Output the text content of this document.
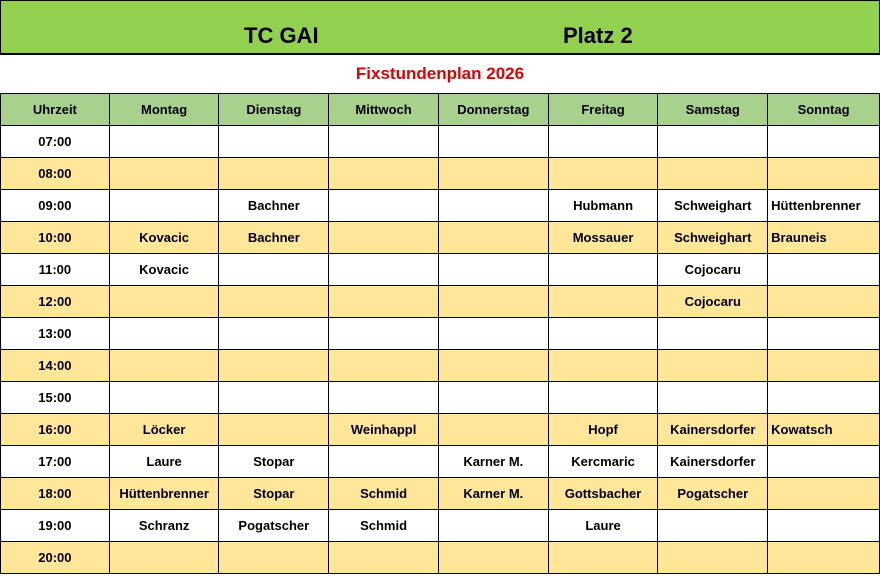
TC GAI	Platz 2
Fixstundenplan 2026
Uhrzeit	Montag	Dienstag	Mittwoch	Donnerstag	Freitag	Samstag	Sonntag
07:00							
08:00							
09:00		Bachner			Hubmann	Schweighart	Hüttenbrenner
10:00	Kovacic	Bachner			Mossauer	Schweighart	Brauneis
11:00	Kovacic					Cojocaru	
12:00						Cojocaru	
13:00							
14:00							
15:00							
16:00	Löcker		Weinhappl		Hopf	Kainersdorfer	Kowatsch
17:00	Laure	Stopar		Karner M.	Kercmaric	Kainersdorfer	
18:00	Hüttenbrenner	Stopar	Schmid	Karner M.	Gottsbacher	Pogatscher	
19:00	Schranz	Pogatscher	Schmid		Laure		
20:00							
